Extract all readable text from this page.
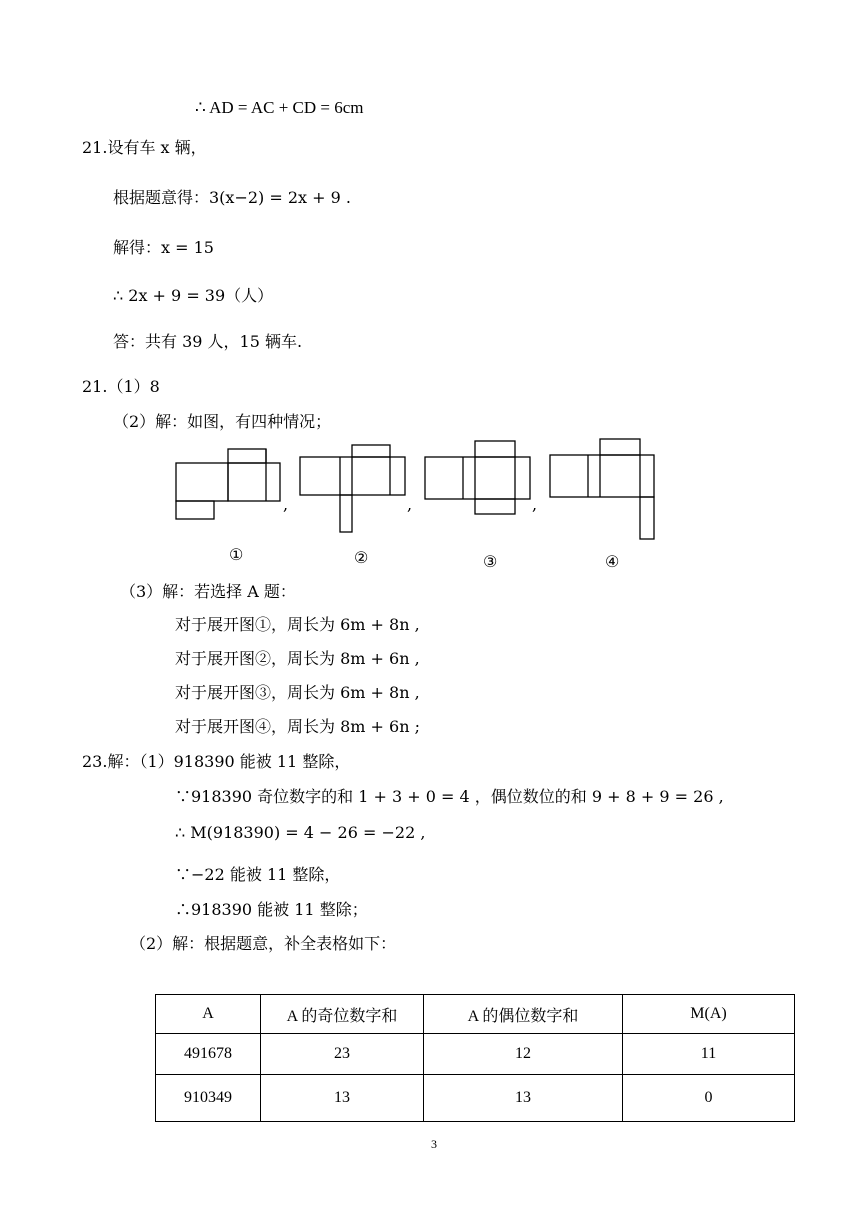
∴ AD = AC + CD = 6cm
21.设有车 x 辆，
根据题意得：3(x−2) = 2x + 9 .
解得：x = 15
∴ 2x + 9 = 39（人）
答：共有 39 人，15 辆车.
21.（1）8
（2）解：如图，有四种情况；
,	,	,
①	②	③	④
（3）解：若选择 A 题：
对于展开图①，周长为 6m + 8n ,
对于展开图②，周长为 8m + 6n ,
对于展开图③，周长为 6m + 8n ,
对于展开图④，周长为 8m + 6n ;
23.解：（1）918390 能被 11 整除，
∵918390 奇位数字的和 1 + 3 + 0 = 4 ，偶位数位的和 9 + 8 + 9 = 26 ,
∴ M(918390) = 4 − 26 = −22 ,
∵−22 能被 11 整除，
∴918390 能被 11 整除；
（2）解：根据题意，补全表格如下：
A	A 的奇位数字和	A 的偶位数字和	M(A)
491678	23	12	11
910349	13	13	0
3
